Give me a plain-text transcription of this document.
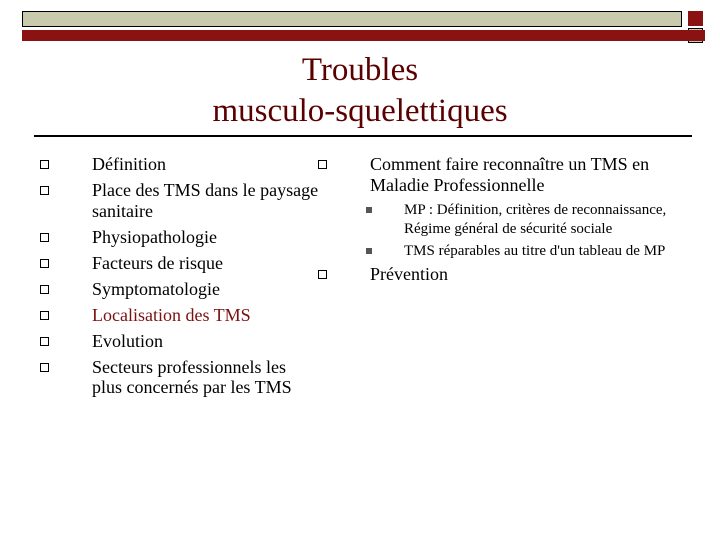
Troubles
musculo-squelettiques
Définition
Place des TMS dans le paysage sanitaire
Physiopathologie
Facteurs de risque
Symptomatologie
Localisation des TMS
Evolution
Secteurs professionnels les plus concernés par les TMS
Comment faire reconnaître un TMS en Maladie Professionnelle
MP : Définition, critères de reconnaissance, Régime général de sécurité sociale
TMS réparables au titre d'un tableau de MP
Prévention
